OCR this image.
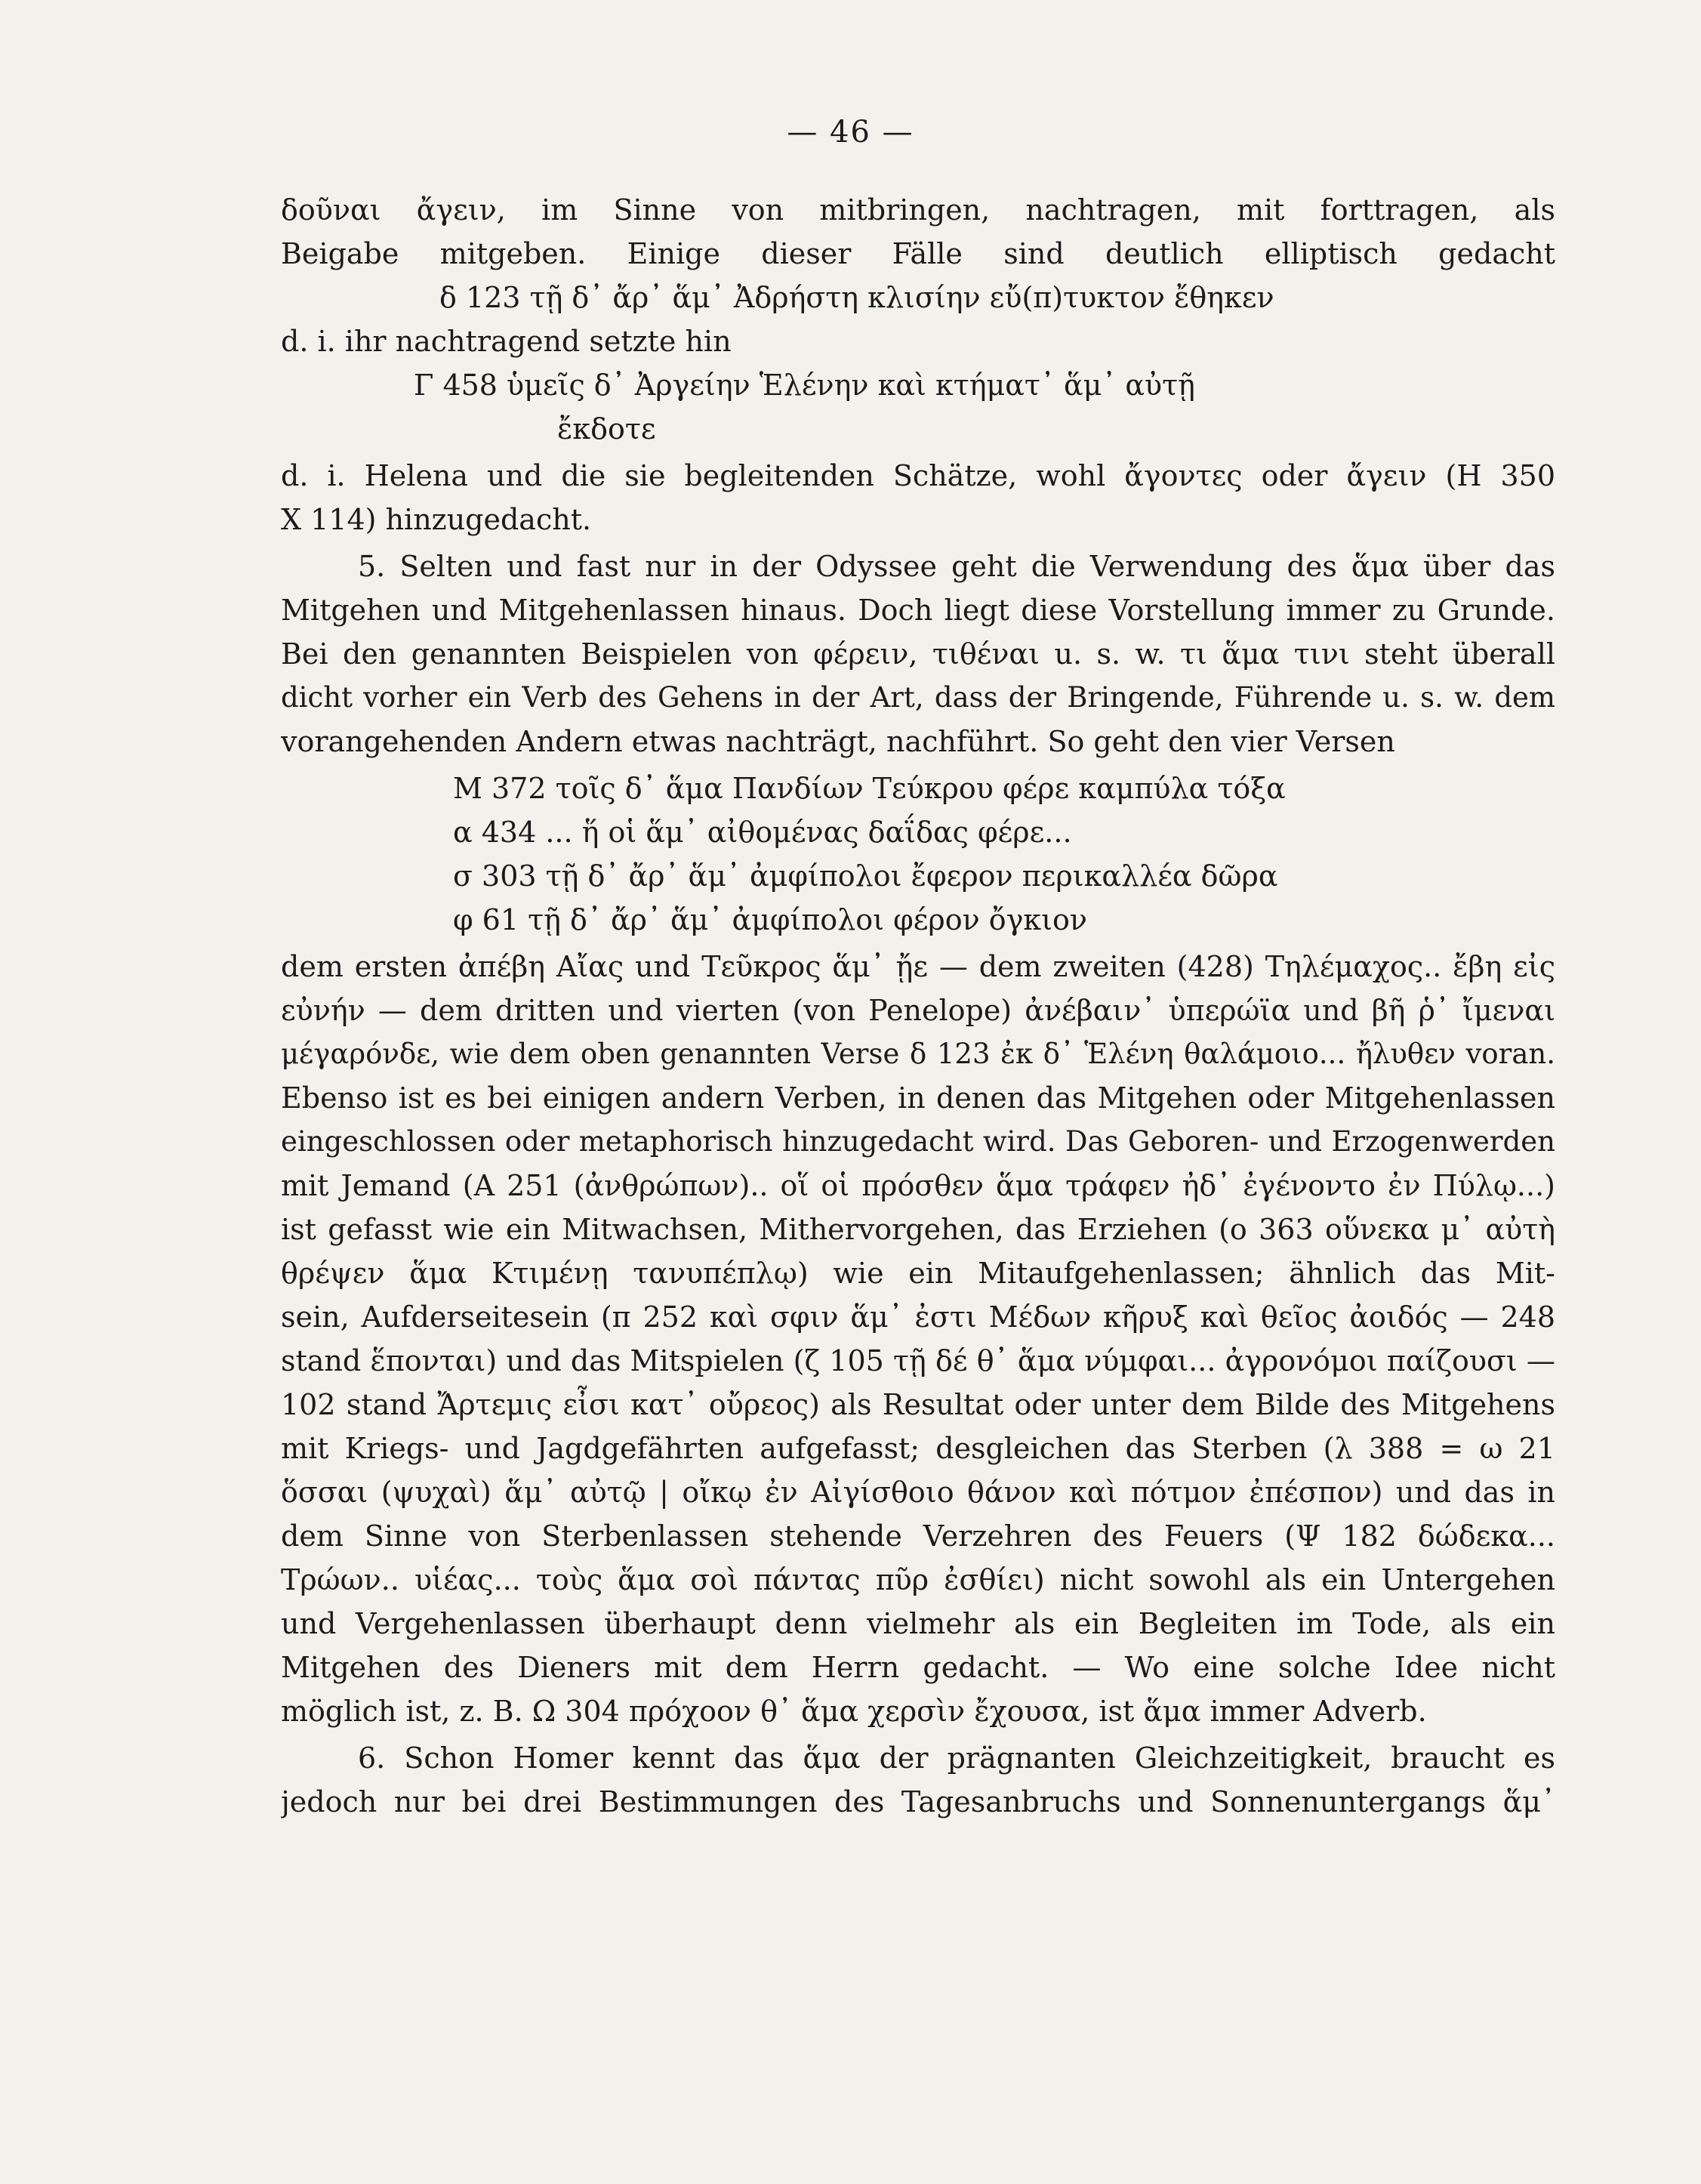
— 46 —
δοῦναι ἄγειν, im Sinne von mitbringen, nachtragen, mit forttragen, als
Beigabe mitgeben. Einige dieser Fälle sind deutlich elliptisch gedacht
δ 123 τῇ δ᾽ ἄρ᾽ ἅμ᾽ Ἀδρήστη κλισίην εὔ(π)τυκτον ἔθηκεν
d. i. ihr nachtragend setzte hin
Γ 458 ὑμεῖς δ᾽ Ἀργείην Ἑλένην καὶ κτήματ᾽ ἅμ᾽ αὐτῇ
ἔκδοτε
d. i. Helena und die sie begleitenden Schätze, wohl ἄγοντες oder ἄγειν (H 350
X 114) hinzugedacht.
5. Selten und fast nur in der Odyssee geht die Verwendung des ἅμα über das
Mitgehen und Mitgehenlassen hinaus. Doch liegt diese Vorstellung immer zu Grunde.
Bei den genannten Beispielen von φέρειν, τιθέναι u. s. w. τι ἅμα τινι steht überall
dicht vorher ein Verb des Gehens in der Art, dass der Bringende, Führende u. s. w. dem
vorangehenden Andern etwas nachträgt, nachführt. So geht den vier Versen
M 372 τοῖς δ᾽ ἅμα Πανδίων Τεύκρου φέρε καμπύλα τόξα
α 434 ... ἥ οἱ ἅμ᾽ αἰθομένας δαΐδας φέρε...
σ 303 τῇ δ᾽ ἄρ᾽ ἅμ᾽ ἀμφίπολοι ἔφερον περικαλλέα δῶρα
φ 61 τῇ δ᾽ ἄρ᾽ ἅμ᾽ ἀμφίπολοι φέρον ὄγκιον
dem ersten ἀπέβη Αἴας und Τεῦκρος ἅμ᾽ ᾔε — dem zweiten (428) Τηλέμαχος.. ἔβη εἰς
εὐνήν — dem dritten und vierten (von Penelope) ἀνέβαιν᾽ ὑπερώϊα und βῆ ῥ᾽ ἴμεναι
μέγαρόνδε, wie dem oben genannten Verse δ 123 ἐκ δ᾽ Ἑλένη θαλάμοιο... ἤλυθεν voran.
Ebenso ist es bei einigen andern Verben, in denen das Mitgehen oder Mitgehenlassen
eingeschlossen oder metaphorisch hinzugedacht wird. Das Geboren- und Erzogenwerden
mit Jemand (A 251 (ἀνθρώπων).. οἵ οἱ πρόσθεν ἅμα τράφεν ἠδ᾽ ἐγένοντο ἐν Πύλῳ...)
ist gefasst wie ein Mitwachsen, Mithervorgehen, das Erziehen (ο 363 οὕνεκα μ᾽ αὐτὴ
θρέψεν ἅμα Κτιμένῃ τανυπέπλῳ) wie ein Mitaufgehenlassen; ähnlich das Mit-
sein, Aufderseitesein (π 252 καὶ σφιν ἅμ᾽ ἐστι Μέδων κῆρυξ καὶ θεῖος ἀοιδός — 248
stand ἕπονται) und das Mitspielen (ζ 105 τῇ δέ θ᾽ ἅμα νύμφαι... ἀγρονόμοι παίζουσι —
102 stand Ἄρτεμις εἶσι κατ᾽ οὔρεος) als Resultat oder unter dem Bilde des Mitgehens
mit Kriegs- und Jagdgefährten aufgefasst; desgleichen das Sterben (λ 388 = ω 21
ὅσσαι (ψυχαὶ) ἅμ᾽ αὐτῷ | οἴκῳ ἐν Αἰγίσθοιο θάνον καὶ πότμον ἐπέσπον) und das in
dem Sinne von Sterbenlassen stehende Verzehren des Feuers (Ψ 182 δώδεκα...
Τρώων.. υἱέας... τοὺς ἅμα σοὶ πάντας πῦρ ἐσθίει) nicht sowohl als ein Untergehen
und Vergehenlassen überhaupt denn vielmehr als ein Begleiten im Tode, als ein
Mitgehen des Dieners mit dem Herrn gedacht. — Wo eine solche Idee nicht
möglich ist, z. B. Ω 304 πρόχοον θ᾽ ἅμα χερσὶν ἔχουσα, ist ἅμα immer Adverb.
6. Schon Homer kennt das ἅμα der prägnanten Gleichzeitigkeit, braucht es
jedoch nur bei drei Bestimmungen des Tagesanbruchs und Sonnenuntergangs ἅμ᾽
